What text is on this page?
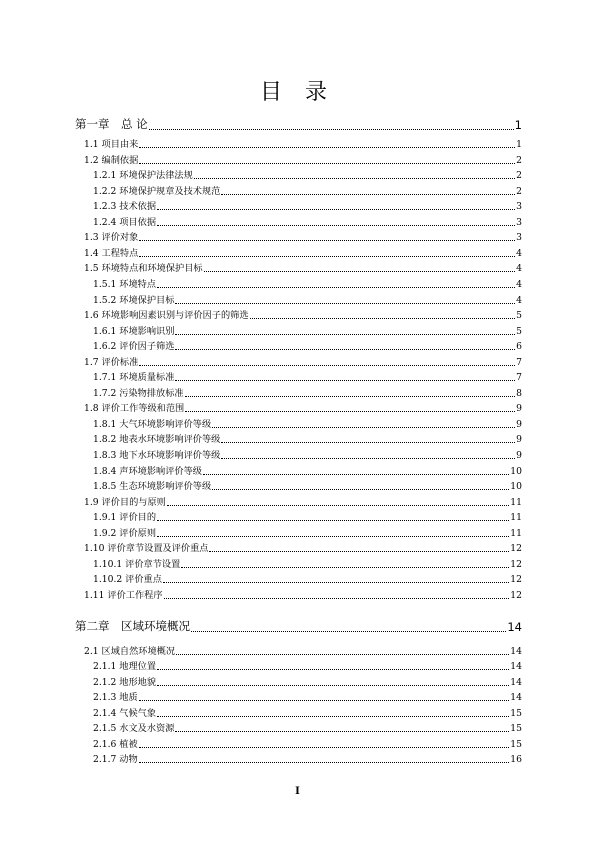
目 录
第一章　总 论	1
1.1 项目由来	1
1.2 编制依据	2
1.2.1 环境保护法律法规	2
1.2.2 环境保护规章及技术规范	2
1.2.3 技术依据	3
1.2.4 项目依据	3
1.3 评价对象	3
1.4 工程特点	4
1.5 环境特点和环境保护目标	4
1.5.1 环境特点	4
1.5.2 环境保护目标	4
1.6 环境影响因素识别与评价因子的筛选	5
1.6.1 环境影响识别	5
1.6.2 评价因子筛选	6
1.7 评价标准	7
1.7.1 环境质量标准	7
1.7.2 污染物排放标准	8
1.8 评价工作等级和范围	9
1.8.1 大气环境影响评价等级	9
1.8.2 地表水环境影响评价等级	9
1.8.3 地下水环境影响评价等级	9
1.8.4 声环境影响评价等级	10
1.8.5 生态环境影响评价等级	10
1.9 评价目的与原则	11
1.9.1 评价目的	11
1.9.2 评价原则	11
1.10 评价章节设置及评价重点	12
1.10.1 评价章节设置	12
1.10.2 评价重点	12
1.11 评价工作程序	12
第二章　区域环境概况	14
2.1 区域自然环境概况	14
2.1.1 地理位置	14
2.1.2 地形地貌	14
2.1.3 地质	14
2.1.4 气候气象	15
2.1.5 水文及水资源	15
2.1.6 植被	15
2.1.7 动物	16
I
